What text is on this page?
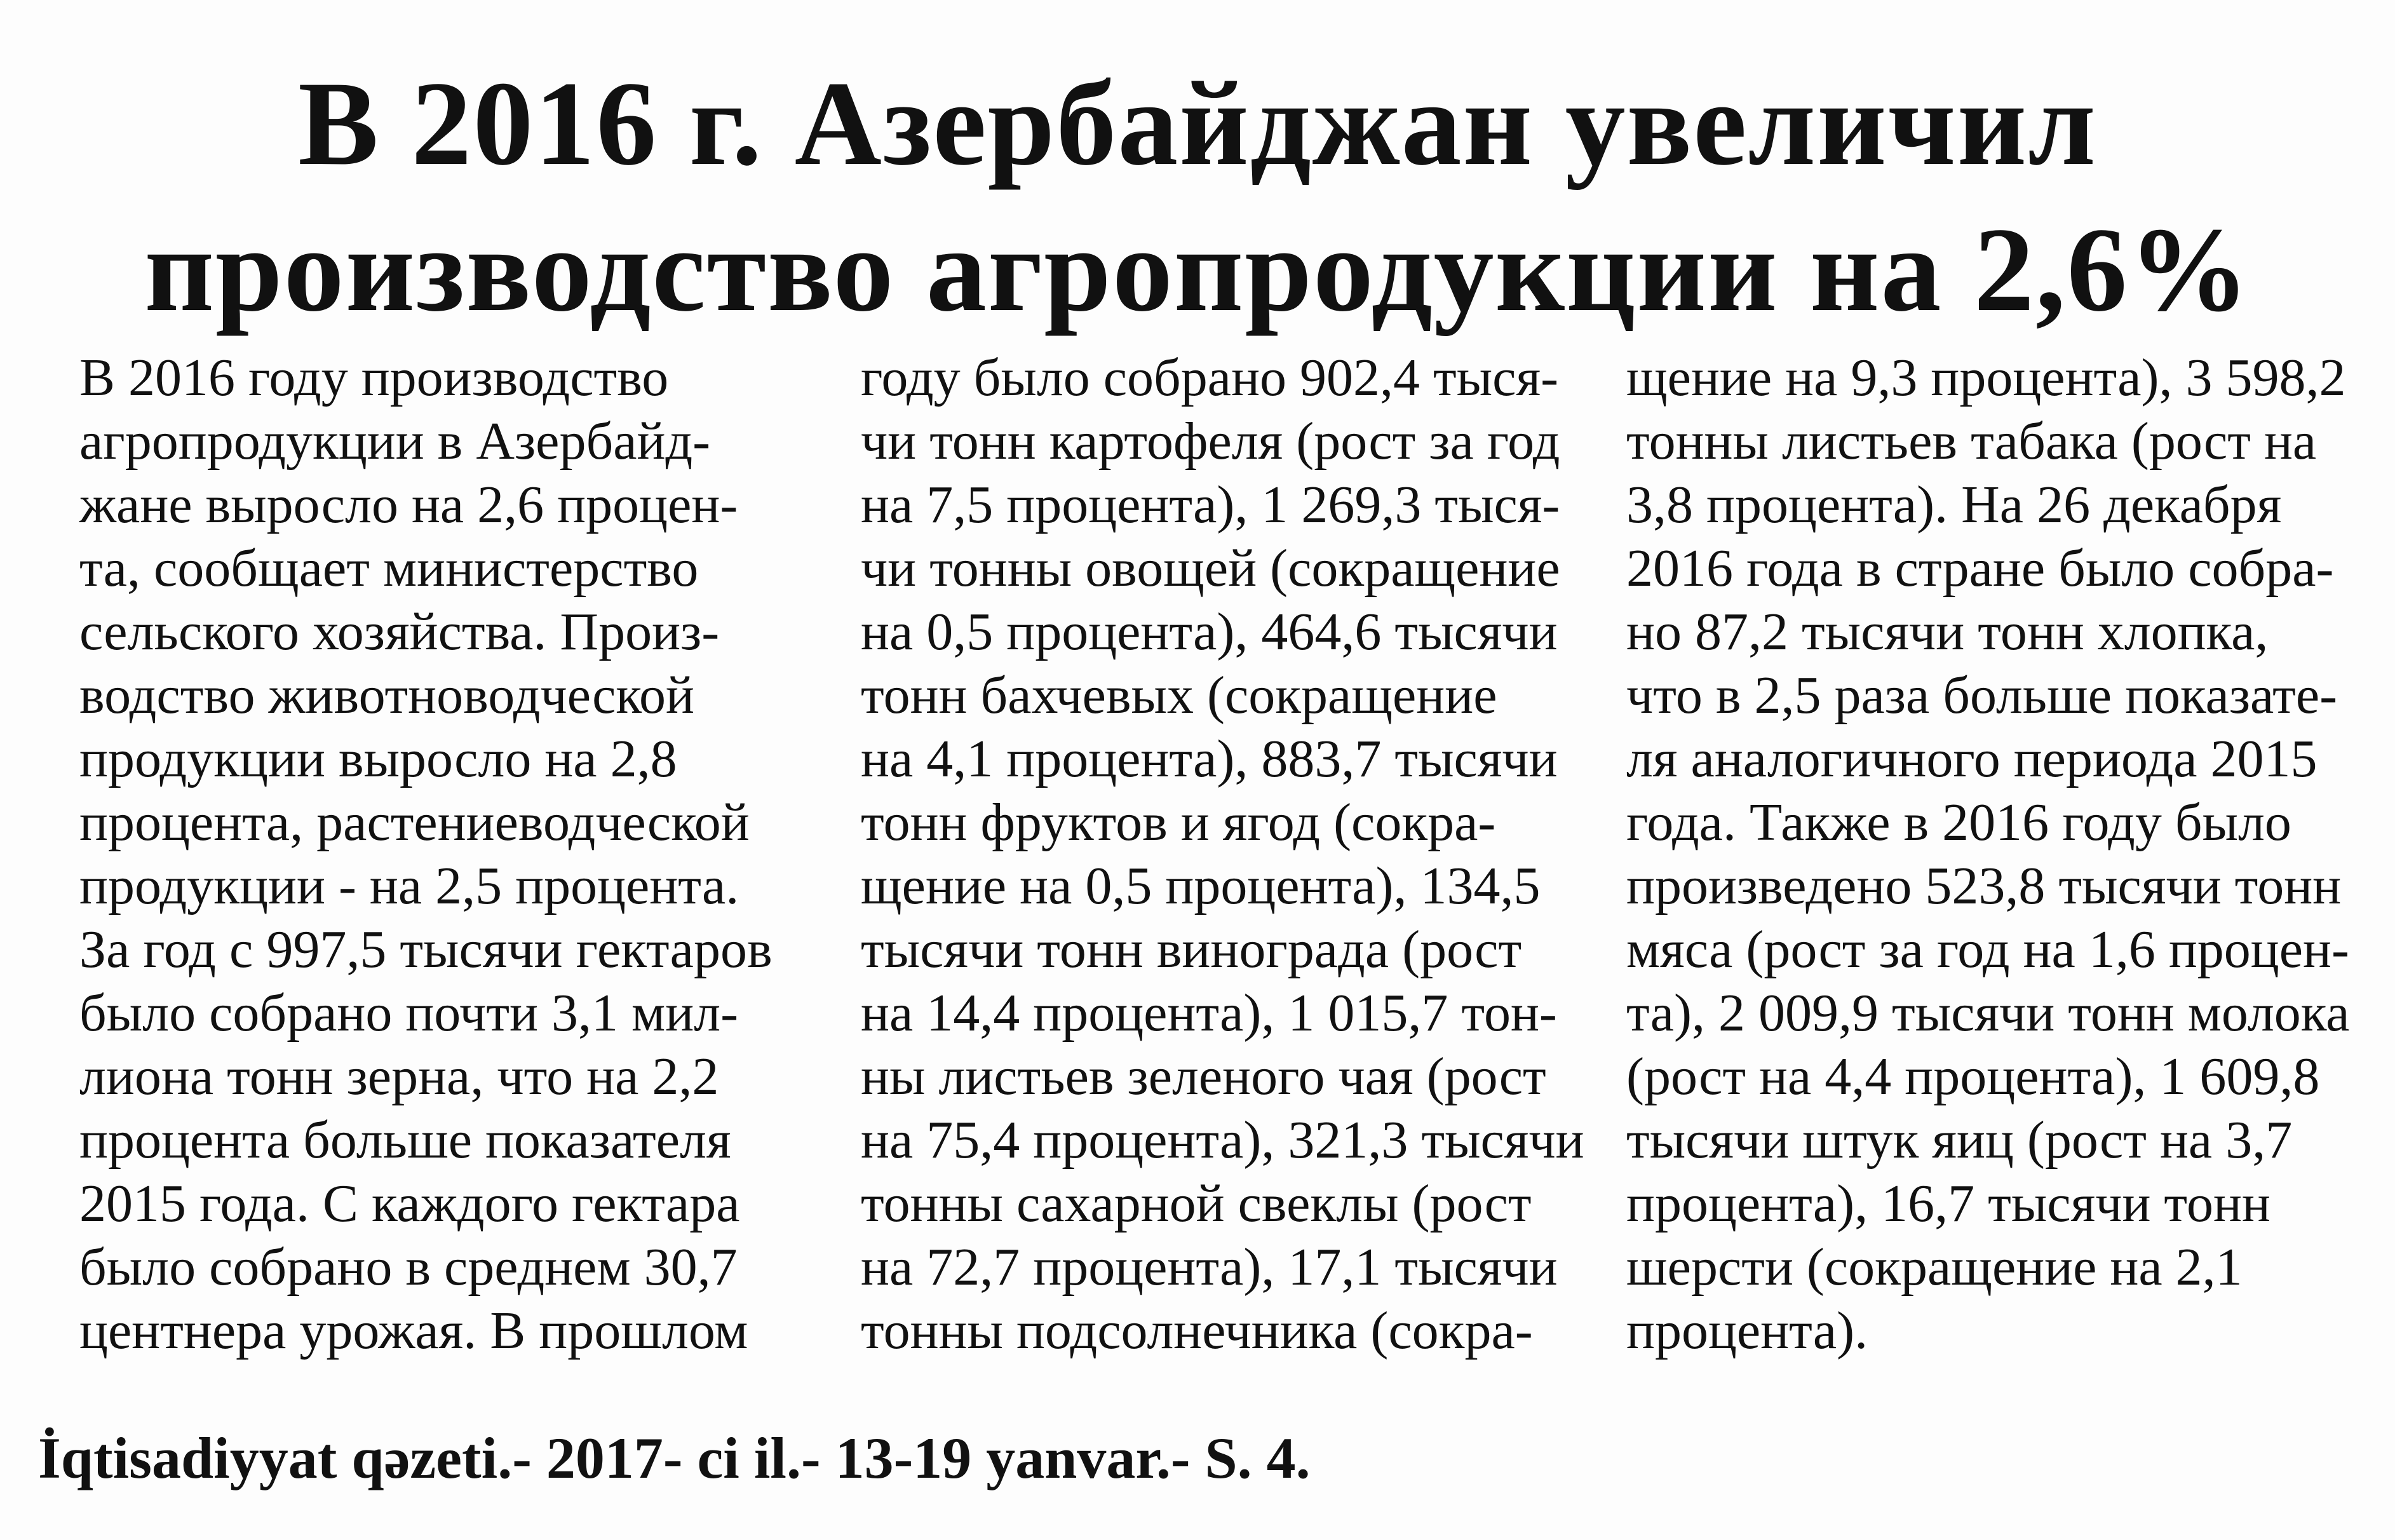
В 2016 г. Азербайджан увеличил
производство агропродукции на 2,6%
В 2016 году производство
агропродукции в Азербайд-
жане выросло на 2,6 процен-
та, сообщает министерство
сельского хозяйства. Произ-
водство животноводческой
продукции выросло на 2,8
процента, растениеводческой
продукции - на 2,5 процента.
За год с 997,5 тысячи гектаров
было собрано почти 3,1 мил-
лиона тонн зерна, что на 2,2
процента больше показателя
2015 года. С каждого гектара
было собрано в среднем 30,7
центнера урожая. В прошлом
году было собрано 902,4 тыся-
чи тонн картофеля (рост за год
на 7,5 процента), 1 269,3 тыся-
чи тонны овощей (сокращение
на 0,5 процента), 464,6 тысячи
тонн бахчевых (сокращение
на 4,1 процента), 883,7 тысячи
тонн фруктов и ягод (сокра-
щение на 0,5 процента), 134,5
тысячи тонн винограда (рост
на 14,4 процента), 1 015,7 тон-
ны листьев зеленого чая (рост
на 75,4 процента), 321,3 тысячи
тонны сахарной свеклы (рост
на 72,7 процента), 17,1 тысячи
тонны подсолнечника (сокра-
щение на 9,3 процента), 3 598,2
тонны листьев табака (рост на
3,8 процента). На 26 декабря
2016 года в стране было собра-
но 87,2 тысячи тонн хлопка,
что в 2,5 раза больше показате-
ля аналогичного периода 2015
года. Также в 2016 году было
произведено 523,8 тысячи тонн
мяса (рост за год на 1,6 процен-
та), 2 009,9 тысячи тонн молока
(рост на 4,4 процента), 1 609,8
тысячи штук яиц (рост на 3,7
процента), 16,7 тысячи тонн
шерсти (сокращение на 2,1
процента).
İqtisadiyyat qəzeti.- 2017- ci il.- 13-19 yanvar.- S. 4.
